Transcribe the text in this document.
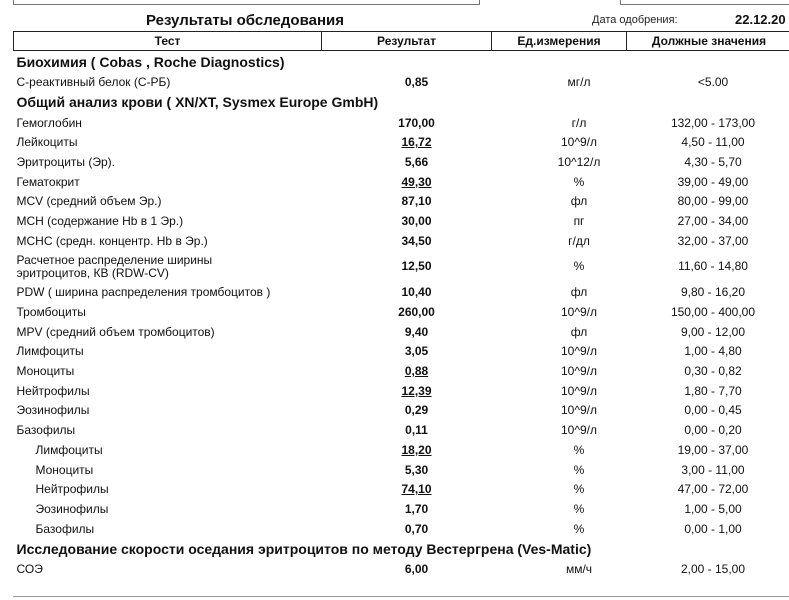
Результаты обследования	Дата одобрения:	22.12.20
Тест	Результат	Ед.измерения	Должные значения
Биохимия ( Cobas , Roche Diagnostics)			
С-реактивный белок (С-РБ)	0,85	мг/л	<5.00
Общий анализ крови ( XN/XT, Sysmex Europe GmbH)			
Гемоглобин	170,00	г/л	132,00 - 173,00
Лейкоциты	16,72	10^9/л	4,50 - 11,00
Эритроциты (Эр).	5,66	10^12/л	4,30 - 5,70
Гематокрит	49,30	%	39,00 - 49,00
MCV (средний объем Эр.)	87,10	фл	80,00 - 99,00
MCH (содержание Hb в 1 Эр.)	30,00	пг	27,00 - 34,00
MCHC (средн. концентр. Hb в Эр.)	34,50	г/дл	32,00 - 37,00

Расчетное распределение ширины
эритроцитов, КВ (RDW-CV)	12,50	%	11,60 - 14,80
PDW ( ширина распределения тромбоцитов )	10,40	фл	9,80 - 16,20
Тромбоциты	260,00	10^9/л	150,00 - 400,00
MPV (средний объем тромбоцитов)	9,40	фл	9,00 - 12,00
Лимфоциты	3,05	10^9/л	1,00 - 4,80
Моноциты	0,88	10^9/л	0,30 - 0,82
Нейтрофилы	12,39	10^9/л	1,80 - 7,70
Эозинофилы	0,29	10^9/л	0,00 - 0,45
Базофилы	0,11	10^9/л	0,00 - 0,20
Лимфоциты	18,20	%	19,00 - 37,00
Моноциты	5,30	%	3,00 - 11,00
Нейтрофилы	74,10	%	47,00 - 72,00
Эозинофилы	1,70	%	1,00 - 5,00
Базофилы	0,70	%	0,00 - 1,00
Исследование скорости оседания эритроцитов по методу Вестергрена (Ves-Matic)			
СОЭ	6,00	мм/ч	2,00 - 15,00
